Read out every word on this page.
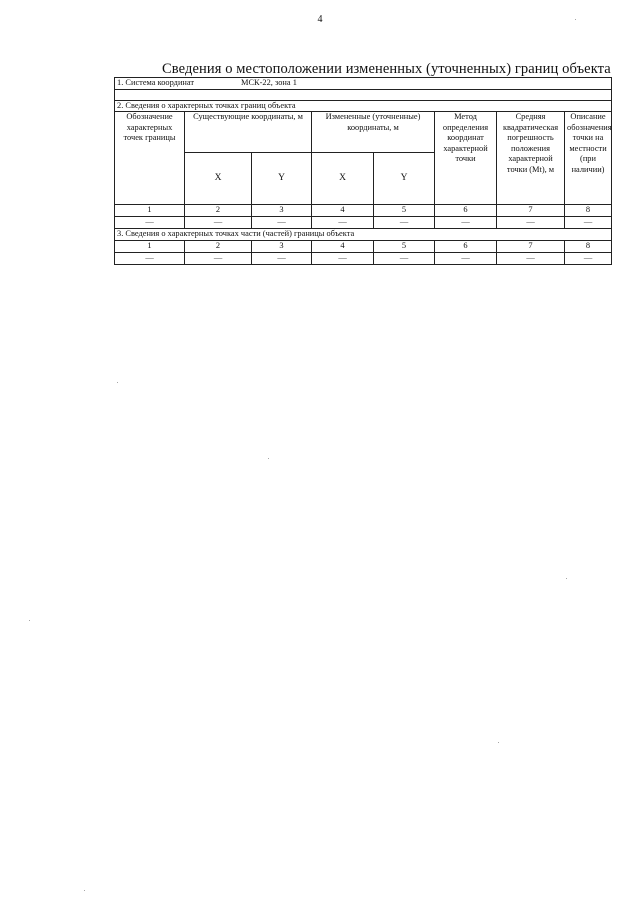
4
Сведения о местоположении измененных (уточненных) границ объекта
1. Система координат МСК-22, зона 1							

2. Сведения о характерных точках границ объекта							
Обозначение характерных точек границы	Существующие координаты, м		Измененные (уточненные) координаты, м		Метод определения координат характерной точки	Средняя квадратическая погрешность положения характерной точки (Mt), м	Описание обозначения точки на местности (при наличии)
	X	Y	X	Y			
1	2	3	4	5	6	7	8
—	—	—	—	—	—	—	—
3. Сведения о характерных точках части (частей) границы объекта							
1	2	3	4	5	6	7	8
—	—	—	—	—	—	—	—
